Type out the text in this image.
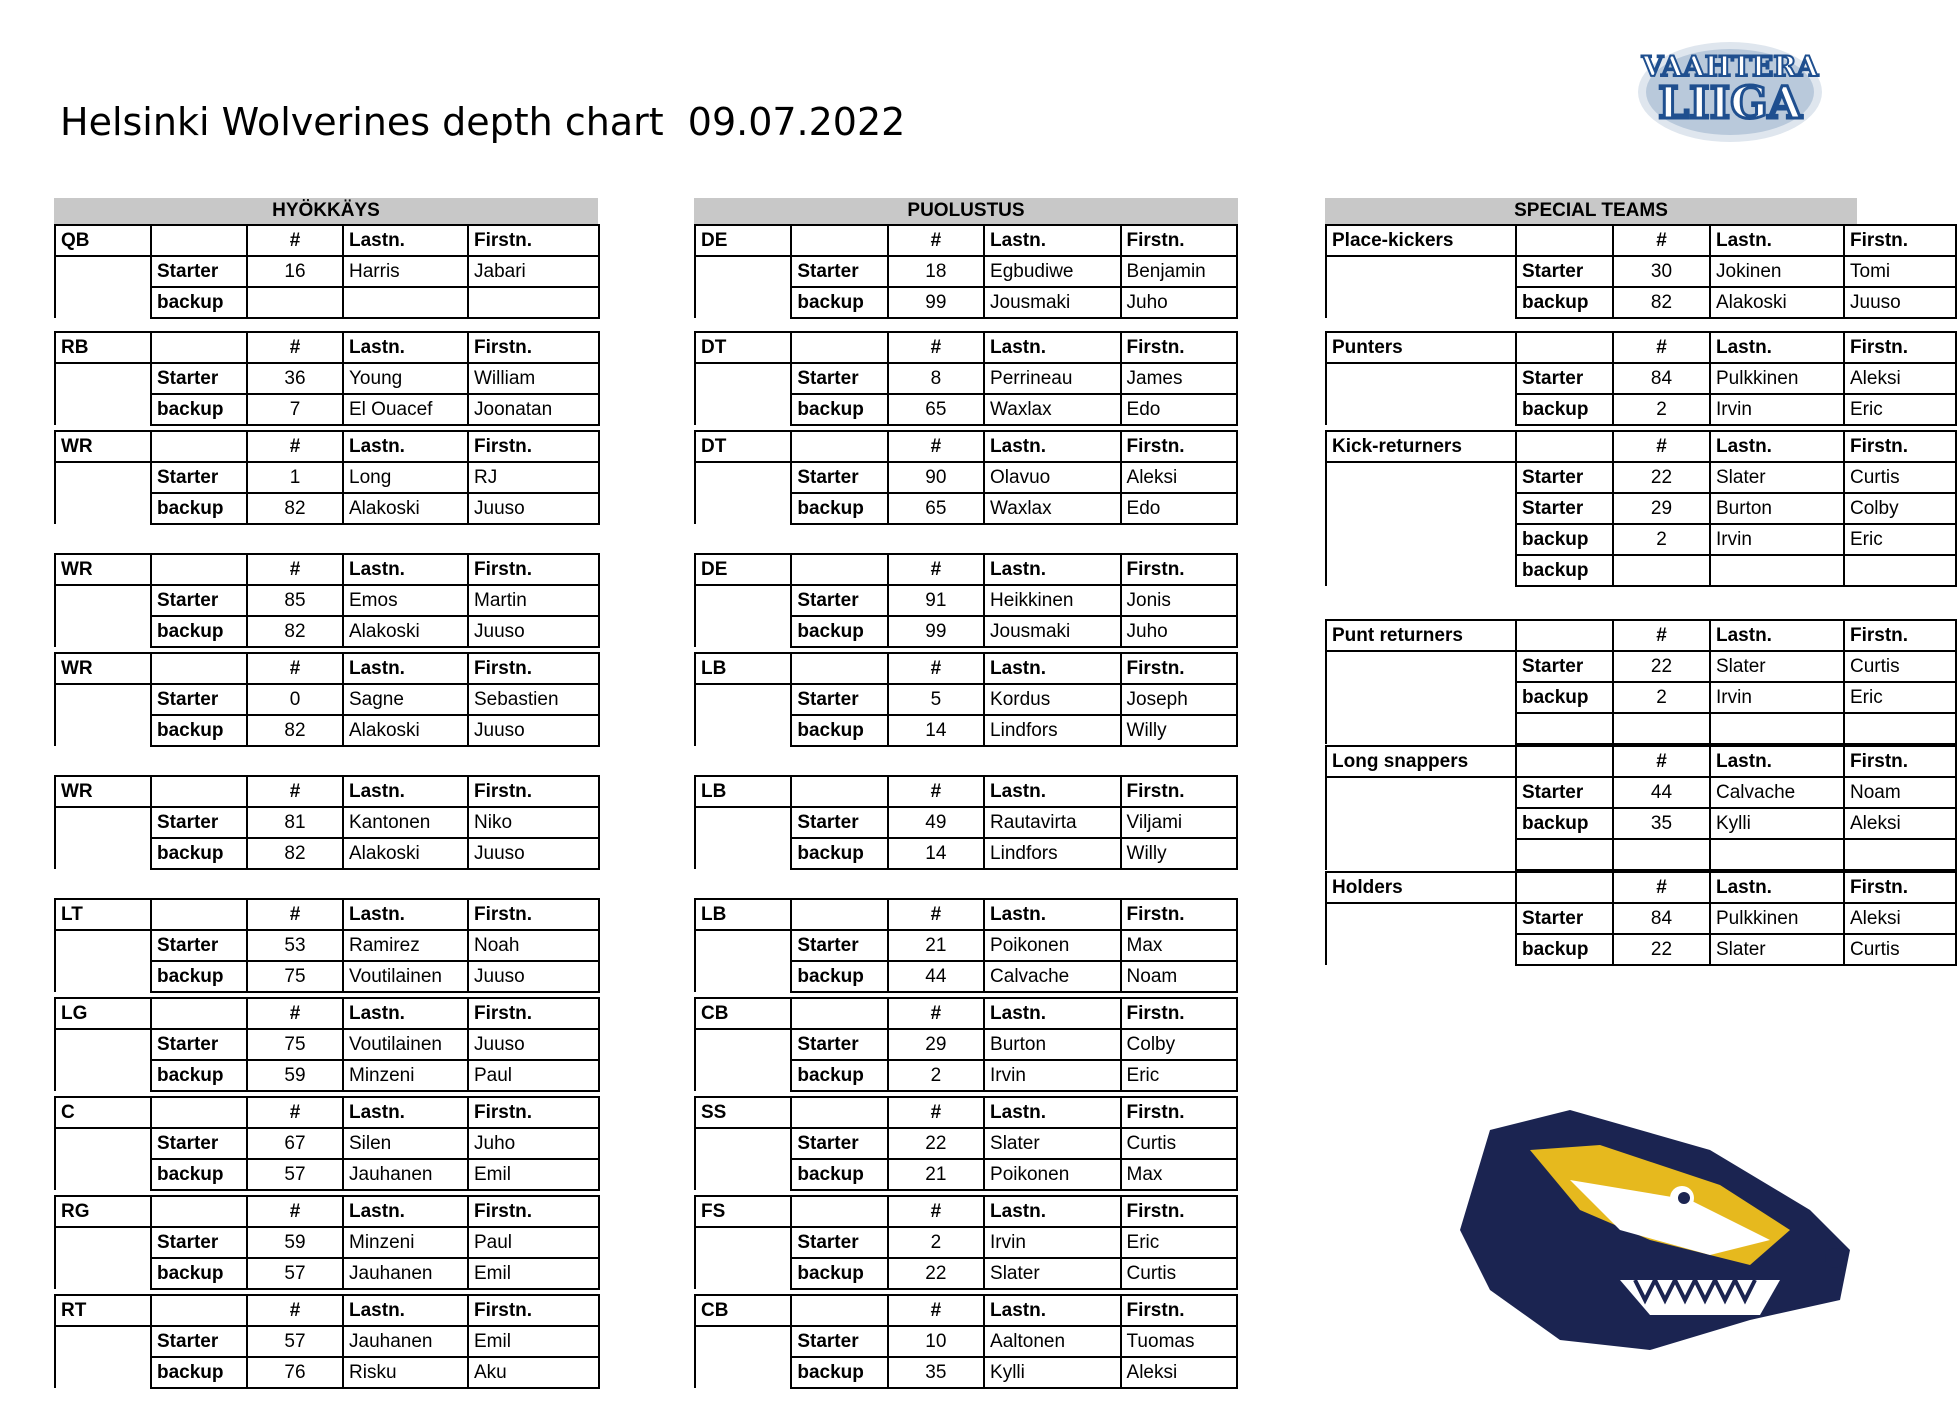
Helsinki Wolverines depth chart  09.07.2022
VAAHTERA
LIIGA
HYÖKKÄYS
QB		#	Lastn.	Firstn.
	Starter	16	Harris	Jabari
	backup			
RB		#	Lastn.	Firstn.
	Starter	36	Young	William
	backup	7	El Ouacef	Joonatan
WR		#	Lastn.	Firstn.
	Starter	1	Long	RJ
	backup	82	Alakoski	Juuso
WR		#	Lastn.	Firstn.
	Starter	85	Emos	Martin
	backup	82	Alakoski	Juuso
WR		#	Lastn.	Firstn.
	Starter	0	Sagne	Sebastien
	backup	82	Alakoski	Juuso
WR		#	Lastn.	Firstn.
	Starter	81	Kantonen	Niko
	backup	82	Alakoski	Juuso
LT		#	Lastn.	Firstn.
	Starter	53	Ramirez	Noah
	backup	75	Voutilainen	Juuso
LG		#	Lastn.	Firstn.
	Starter	75	Voutilainen	Juuso
	backup	59	Minzeni	Paul
C		#	Lastn.	Firstn.
	Starter	67	Silen	Juho
	backup	57	Jauhanen	Emil
RG		#	Lastn.	Firstn.
	Starter	59	Minzeni	Paul
	backup	57	Jauhanen	Emil
RT		#	Lastn.	Firstn.
	Starter	57	Jauhanen	Emil
	backup	76	Risku	Aku
PUOLUSTUS
DE		#	Lastn.	Firstn.
	Starter	18	Egbudiwe	Benjamin
	backup	99	Jousmaki	Juho
DT		#	Lastn.	Firstn.
	Starter	8	Perrineau	James
	backup	65	Waxlax	Edo
DT		#	Lastn.	Firstn.
	Starter	90	Olavuo	Aleksi
	backup	65	Waxlax	Edo
DE		#	Lastn.	Firstn.
	Starter	91	Heikkinen	Jonis
	backup	99	Jousmaki	Juho
LB		#	Lastn.	Firstn.
	Starter	5	Kordus	Joseph
	backup	14	Lindfors	Willy
LB		#	Lastn.	Firstn.
	Starter	49	Rautavirta	Viljami
	backup	14	Lindfors	Willy
LB		#	Lastn.	Firstn.
	Starter	21	Poikonen	Max
	backup	44	Calvache	Noam
CB		#	Lastn.	Firstn.
	Starter	29	Burton	Colby
	backup	2	Irvin	Eric
SS		#	Lastn.	Firstn.
	Starter	22	Slater	Curtis
	backup	21	Poikonen	Max
FS		#	Lastn.	Firstn.
	Starter	2	Irvin	Eric
	backup	22	Slater	Curtis
CB		#	Lastn.	Firstn.
	Starter	10	Aaltonen	Tuomas
	backup	35	Kylli	Aleksi
SPECIAL TEAMS
Place-kickers		#	Lastn.	Firstn.
	Starter	30	Jokinen	Tomi
	backup	82	Alakoski	Juuso
Punters		#	Lastn.	Firstn.
	Starter	84	Pulkkinen	Aleksi
	backup	2	Irvin	Eric
Kick-returners		#	Lastn.	Firstn.
	Starter	22	Slater	Curtis
	Starter	29	Burton	Colby
	backup	2	Irvin	Eric
	backup			
Punt returners		#	Lastn.	Firstn.
	Starter	22	Slater	Curtis
	backup	2	Irvin	Eric

Long snappers		#	Lastn.	Firstn.
	Starter	44	Calvache	Noam
	backup	35	Kylli	Aleksi

Holders		#	Lastn.	Firstn.
	Starter	84	Pulkkinen	Aleksi
	backup	22	Slater	Curtis
